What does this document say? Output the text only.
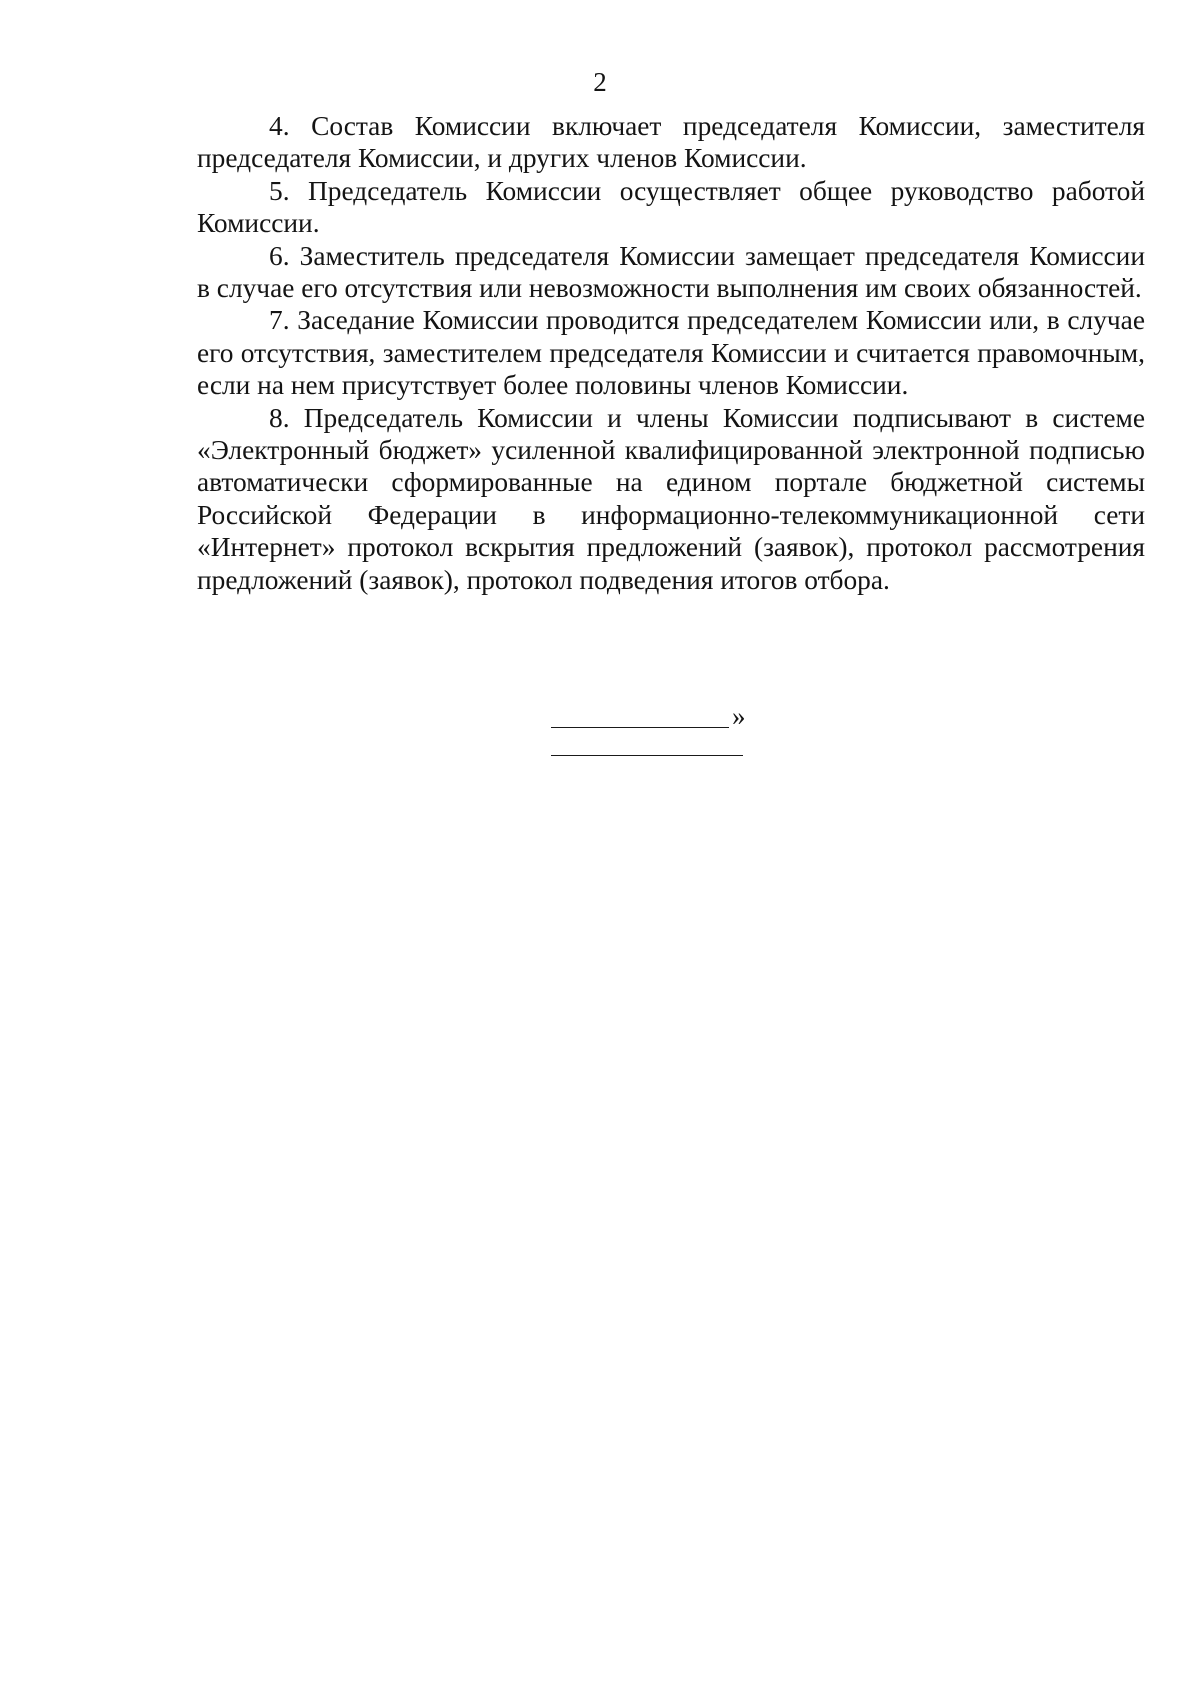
2

4. Состав Комиссии включает председателя Комиссии, заместителя председателя Комиссии, и других членов Комиссии.

5. Председатель Комиссии осуществляет общее руководство работой Комиссии.

6. Заместитель председателя Комиссии замещает председателя Комиссии в случае его отсутствия или невозможности выполнения им своих обязанностей.

7. Заседание Комиссии проводится председателем Комиссии или, в случае его отсутствия, заместителем председателя Комиссии и считается правомочным, если на нем присутствует более половины членов Комиссии.

8. Председатель Комиссии и члены Комиссии подписывают в системе «Электронный бюджет» усиленной квалифицированной электронной подписью автоматически сформированные на едином портале бюджетной системы Российской Федерации в информационно-телекоммуникационной сети «Интернет» протокол вскрытия предложений (заявок), протокол рассмотрения предложений (заявок), протокол подведения итогов отбора.

»
